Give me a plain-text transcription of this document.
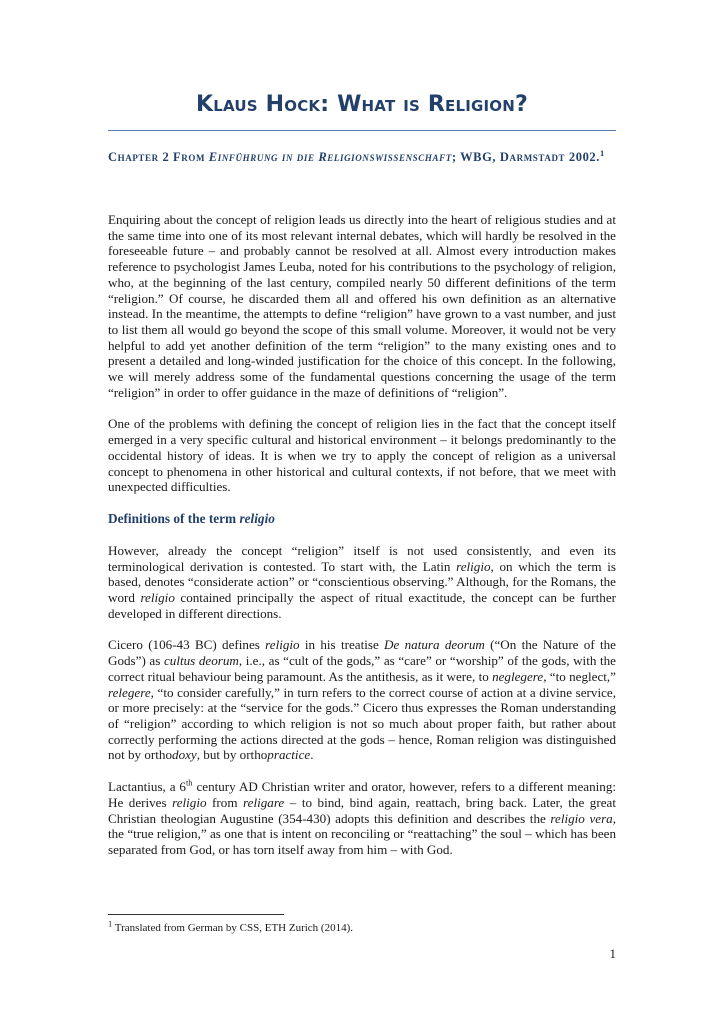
Klaus Hock: What is Religion?

Chapter 2 From Einführung in die Religionswissenschaft; WBG, Darmstadt 2002.$^1$

Enquiring about the concept of religion leads us directly into the heart of religious studies and at the same time into one of its most relevant internal debates, which will hardly be resolved in the foreseeable future – and probably cannot be resolved at all. Almost every introduction makes reference to psychologist James Leuba, noted for his contributions to the psychology of religion, who, at the beginning of the last century, compiled nearly 50 different definitions of the term “religion.” Of course, he discarded them all and offered his own definition as an alternative instead. In the meantime, the attempts to define “religion” have grown to a vast number, and just to list them all would go beyond the scope of this small volume. Moreover, it would not be very helpful to add yet another definition of the term “religion” to the many existing ones and to present a detailed and long-winded justification for the choice of this concept. In the following, we will merely address some of the fundamental questions concerning the usage of the term “religion” in order to offer guidance in the maze of definitions of “religion”.

One of the problems with defining the concept of religion lies in the fact that the concept itself emerged in a very specific cultural and historical environment – it belongs predominantly to the occidental history of ideas. It is when we try to apply the concept of religion as a universal concept to phenomena in other historical and cultural contexts, if not before, that we meet with unexpected difficulties.

Definitions of the term religio

However, already the concept “religion” itself is not used consistently, and even its terminological derivation is contested. To start with, the Latin religio, on which the term is based, denotes “considerate action” or “conscientious observing.” Although, for the Romans, the word religio contained principally the aspect of ritual exactitude, the concept can be further developed in different directions.

Cicero (106-43 BC) defines religio in his treatise De natura deorum (“On the Nature of the Gods”) as cultus deorum, i.e., as “cult of the gods,” as “care” or “worship” of the gods, with the correct ritual behaviour being paramount. As the antithesis, as it were, to neglegere, “to neglect,” relegere, “to consider carefully,” in turn refers to the correct course of action at a divine service, or more precisely: at the “service for the gods.” Cicero thus expresses the Roman understanding of “religion” according to which religion is not so much about proper faith, but rather about correctly performing the actions directed at the gods – hence, Roman religion was distinguished not by orthodoxy, but by orthopractice.

Lactantius, a 6th century AD Christian writer and orator, however, refers to a different meaning: He derives religio from religare – to bind, bind again, reattach, bring back. Later, the great Christian theologian Augustine (354-430) adopts this definition and describes the religio vera, the “true religion,” as one that is intent on reconciling or “reattaching” the soul – which has been separated from God, or has torn itself away from him – with God.

$^1$ Translated from German by CSS, ETH Zurich (2014).

1
